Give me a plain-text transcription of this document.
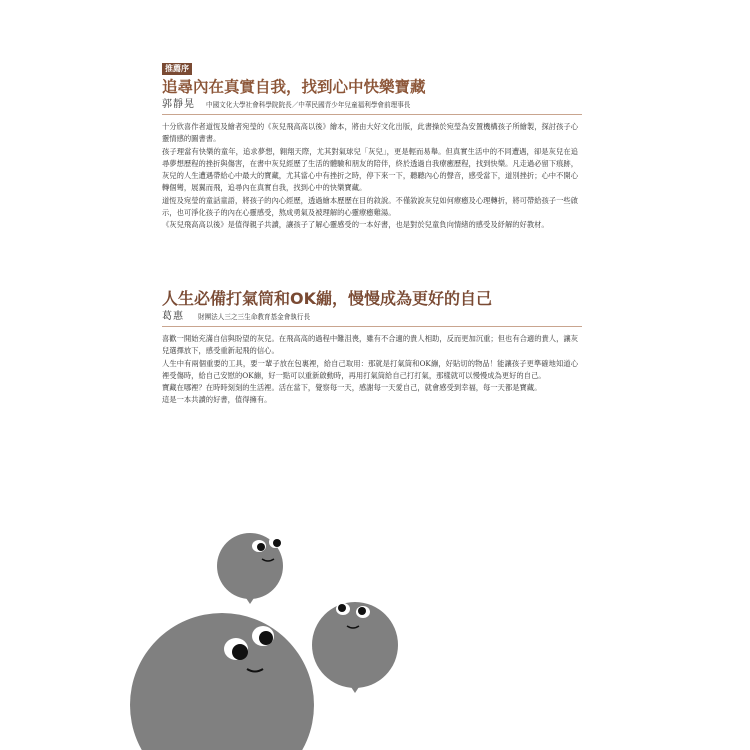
推薦序
追尋內在真實自我，找到心中快樂寶藏
郭靜晃 中國文化大學社會科學院院長／中華民國青少年兒童福利學會前理事長

十分欣喜作者道恆及繪者宛瑩的《灰兒飛高高以後》繪本，將由大好文化出版，此書操於宛瑩為安置機構孩子所繪製，探討孩子心靈情感的圖書書。

孩子理當有快樂的童年，追求夢想，翱翔天際，尤其對氣球兒「灰兒」，更是輕而易舉。但真實生活中的不同遭遇，卻是灰兒在追尋夢想歷程的挫折與傷害，在書中灰兒經歷了生活的體驗和朋友的陪伴，終於透過自我療癒歷程，找到快樂。凡走過必留下痕跡，灰兒的人生遭遇帶給心中最大的寶藏，尤其當心中有挫折之時，停下來一下，聽聽內心的聲音，感受當下，道別挫折；心中不開心轉個彎，展翼而飛，追尋內在真實自我，找到心中的快樂寶藏。

道恆及宛瑩的童話童語，將孩子的內心經歷，透過繪本歷歷在目的敘說。不僅敘說灰兒如何療癒及心理轉折，將可帶給孩子一些啟示，也可淨化孩子的內在心靈感受，熬成勇氣及被理解的心靈療癒雞湯。

《灰兒飛高高以後》是值得親子共讀，讓孩子了解心靈感受的一本好書，也是對於兒童負向情緒的感受及紓解的好教材。

人生必備打氣筒和OK繃，慢慢成為更好的自己
葛惠 財團法人三之三生命教育基金會執行長

喜歡一開始充滿自信與盼望的灰兒。在飛高高的過程中難沮喪，雖有不合適的貴人相助，反而更加沉重；但也有合適的貴人，讓灰兒選擇放下，感受重新起飛的信心。

人生中有兩個重要的工具，要一輩子放在包裏裡，給自己取用：那就是打氣筒和OK繃，好貼切的物品！能讓孩子更準確地知道心裡受傷時，給自己安慰的OK繃，好一點可以重新啟動時，再用打氣筒給自己打打氣，那樣就可以慢慢成為更好的自己。

寶藏在哪裡？在時時刻刻的生活裡。活在當下，覺察每一天，感謝每一天愛自己，就會感受到幸福，每一天都是寶藏。

這是一本共讀的好書，值得擁有。
